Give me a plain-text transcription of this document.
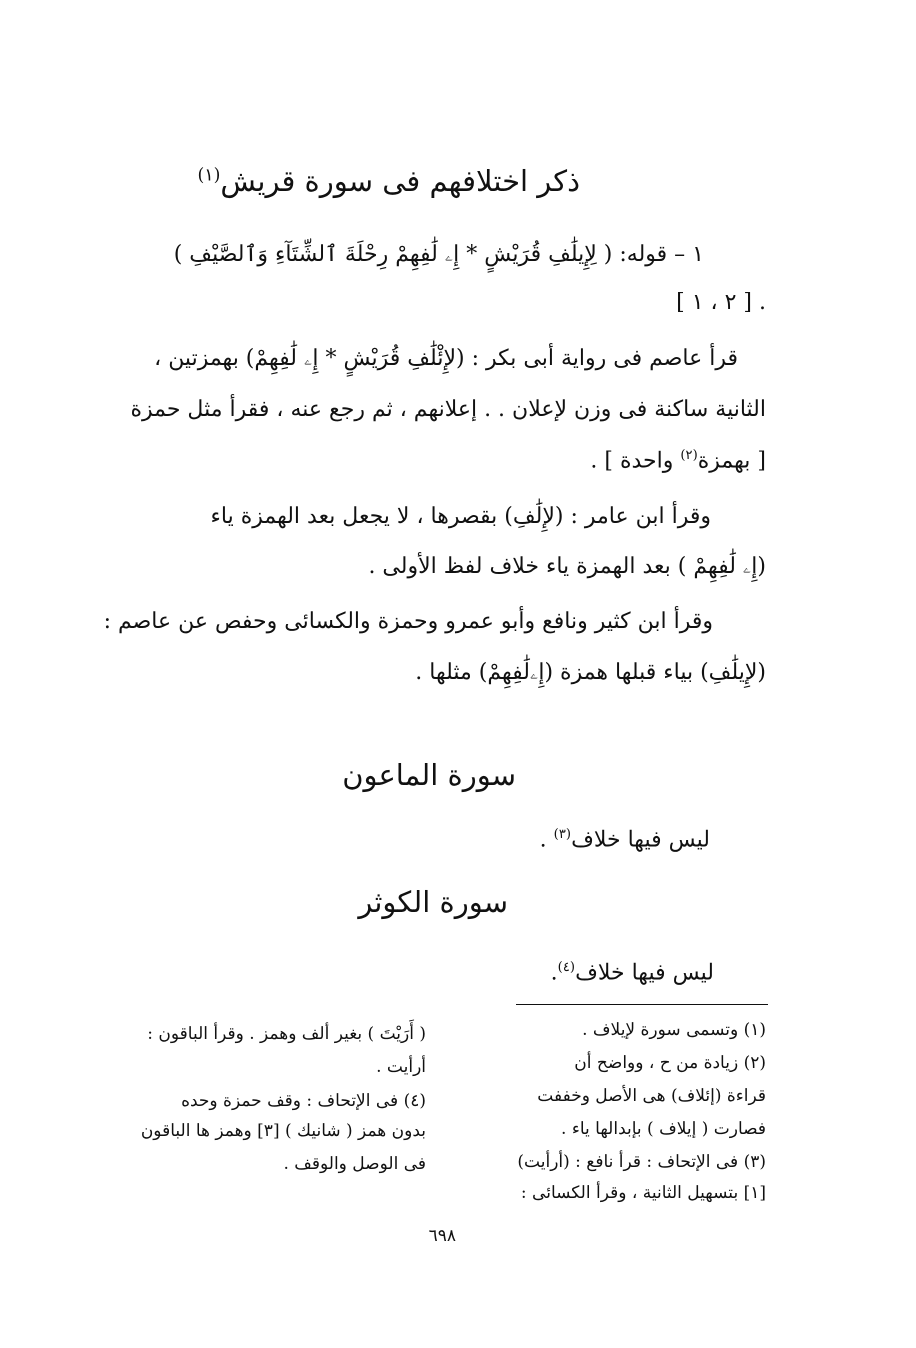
ذكر اختلافهم فى سورة قريش$^{(١)}$
١ – قوله: ( لِإِيلَٰفِ قُرَيْشٍ * إِۦ لَٰفِهِمْ رِحْلَةَ ٱلشِّتَآءِ وَٱلصَّيْفِ )
. [ ٢ ، ١ ]
قرأ عاصم فى رواية أبى بكر : (لإِئْلَٰفِ قُرَيْشٍ * إِۦ لَٰفِهِمْ) بهمزتين ،
الثانية ساكنة فى وزن لإعلان . . إعلانهم ، ثم رجع عنه ، فقرأ مثل حمزة
[ بهمزة$^{(٢)}$ واحدة ] .
وقرأ ابن عامر : (لإِلَٰفِ) بقصرها ، لا يجعل بعد الهمزة ياء
(إِۦ لَٰفِهِمْ ) بعد الهمزة ياء خلاف لفظ الأولى .
وقرأ ابن كثير ونافع وأبو عمرو وحمزة والكسائى وحفص عن عاصم :
(لإِيلَٰفِ) بياء قبلها همزة (إِۦلَٰفِهِمْ) مثلها .
سورة الماعون
ليس فيها خلاف$^{(٣)}$ .
سورة الكوثر
ليس فيها خلاف$^{(٤)}$.
(١) وتسمى سورة لإيلاف .
(٢) زيادة من ح ، وواضح أن
قراءة (إئلاف) هى الأصل وخففت
فصارت ( إيلاف ) بإبدالها ياء .
(٣) فى الإتحاف : قرأ نافع : (أرأيت)
[١] بتسهيل الثانية ، وقرأ الكسائى :
( أَرَيْتَ ) بغير ألف وهمز . وقرأ الباقون :
أرأيت .
(٤) فى الإتحاف : وقف حمزة وحده
بدون همز ( شانيك ) [٣] وهمز ها الباقون
فى الوصل والوقف .
٦٩٨
